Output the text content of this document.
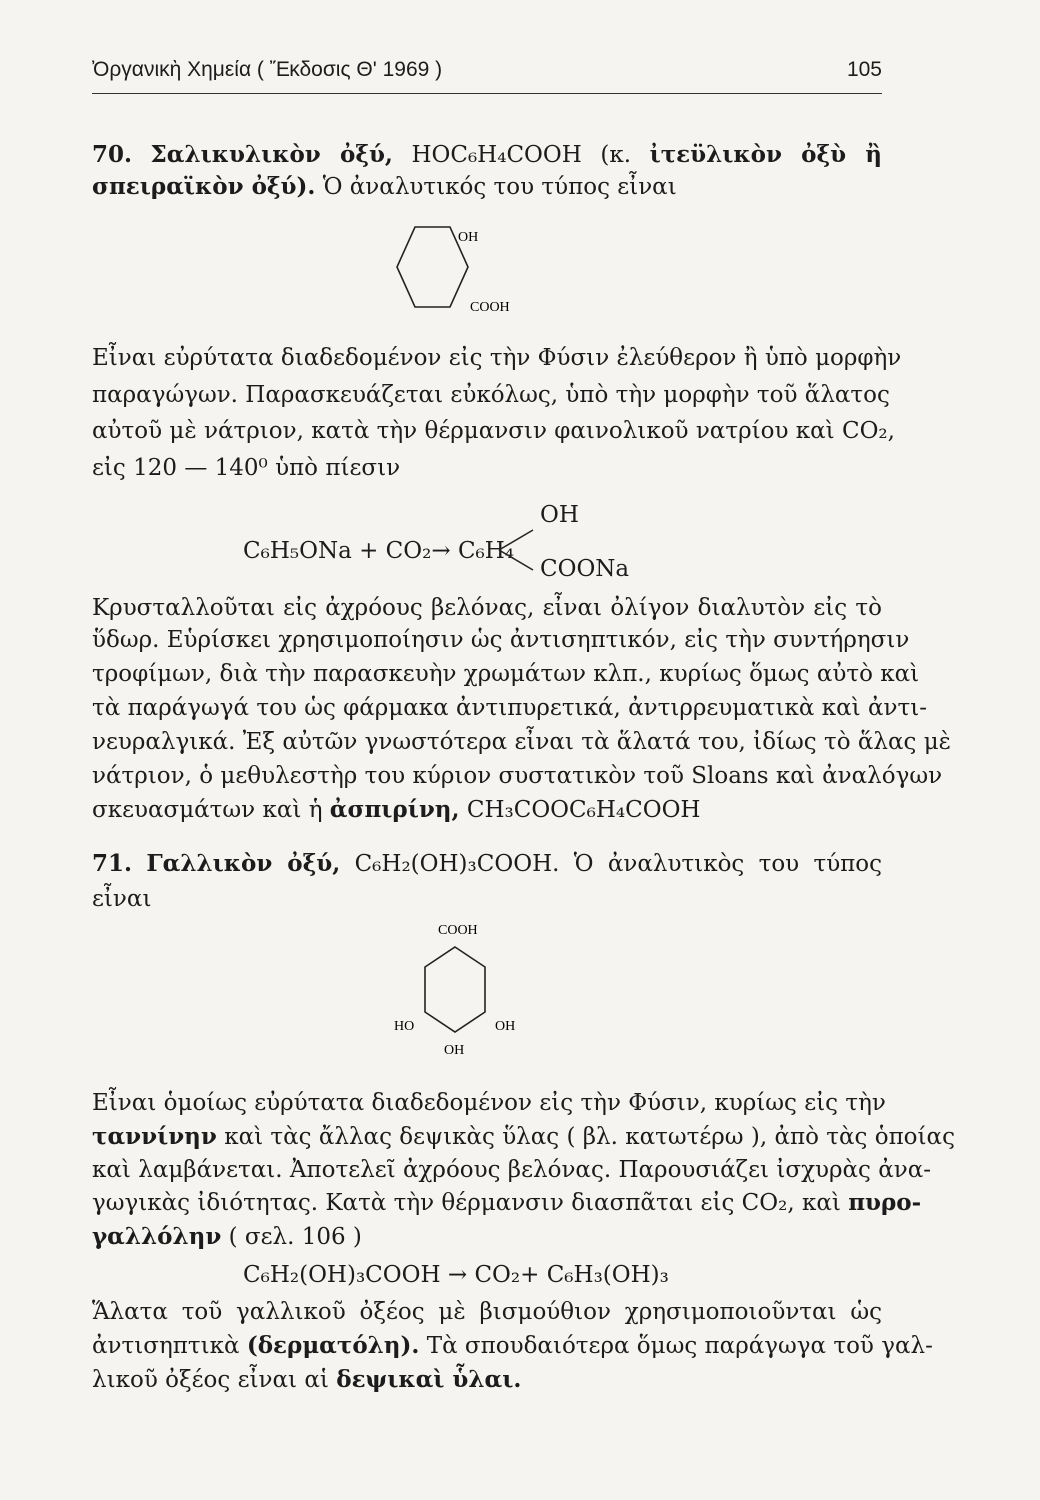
Ὀργανικὴ Χημεία ( Ἔκδοσις Θ' 1969 )	105
70. Σαλικυλικὸν ὀξύ, HOC₆H₄COOH (κ. ἰτεϋλικὸν ὀξὺ ἢ
σπειραϊκὸν ὀξύ). Ὁ ἀναλυτικός του τύπος εἶναι
OH
COOH
Εἶναι εὐρύτατα διαδεδομένον εἰς τὴν Φύσιν ἐλεύθερον ἢ ὑπὸ μορφὴν
παραγώγων. Παρασκευάζεται εὐκόλως, ὑπὸ τὴν μορφὴν τοῦ ἅλατος
αὐτοῦ μὲ νάτριον, κατὰ τὴν θέρμανσιν φαινολικοῦ νατρίου καὶ CO₂,
εἰς 120 — 140⁰ ὑπὸ πίεσιν
C₆H₅ONa + CO₂→ C₆H₄
OH
COONa
Κρυσταλλοῦται εἰς ἀχρόους βελόνας, εἶναι ὀλίγον διαλυτὸν εἰς τὸ
ὕδωρ. Εὑρίσκει χρησιμοποίησιν ὡς ἀντισηπτικόν, εἰς τὴν συντήρησιν
τροφίμων, διὰ τὴν παρασκευὴν χρωμάτων κλπ., κυρίως ὅμως αὐτὸ καὶ
τὰ παράγωγά του ὡς φάρμακα ἀντιπυρετικά, ἀντιρρευματικὰ καὶ ἀντι-
νευραλγικά. Ἐξ αὐτῶν γνωστότερα εἶναι τὰ ἅλατά του, ἰδίως τὸ ἅλας μὲ
νάτριον, ὁ μεθυλεστὴρ του κύριον συστατικὸν τοῦ Sloans καὶ ἀναλόγων
σκευασμάτων καὶ ἡ ἀσπιρίνη, CH₃COOC₆H₄COOH
71. Γαλλικὸν ὀξύ, C₆H₂(OH)₃COOH. Ὁ ἀναλυτικὸς του τύπος
εἶναι
COOH
HO	OH
OH
Εἶναι ὁμοίως εὐρύτατα διαδεδομένον εἰς τὴν Φύσιν, κυρίως εἰς τὴν
ταννίνην καὶ τὰς ἄλλας δεψικὰς ὕλας ( βλ. κατωτέρω ), ἀπὸ τὰς ὁποίας
καὶ λαμβάνεται. Ἀποτελεῖ ἀχρόους βελόνας. Παρουσιάζει ἰσχυρὰς ἀνα-
γωγικὰς ἰδιότητας. Κατὰ τὴν θέρμανσιν διασπᾶται εἰς CO₂, καὶ πυρο-
γαλλόλην ( σελ. 106 )
C₆H₂(OH)₃COOH → CO₂+ C₆H₃(OH)₃
Ἅλατα τοῦ γαλλικοῦ ὀξέος μὲ βισμούθιον χρησιμοποιοῦνται ὡς
ἀντισηπτικὰ (δερματόλη). Τὰ σπουδαιότερα ὅμως παράγωγα τοῦ γαλ-
λικοῦ ὀξέος εἶναι αἱ δεψικαὶ ὗλαι.
